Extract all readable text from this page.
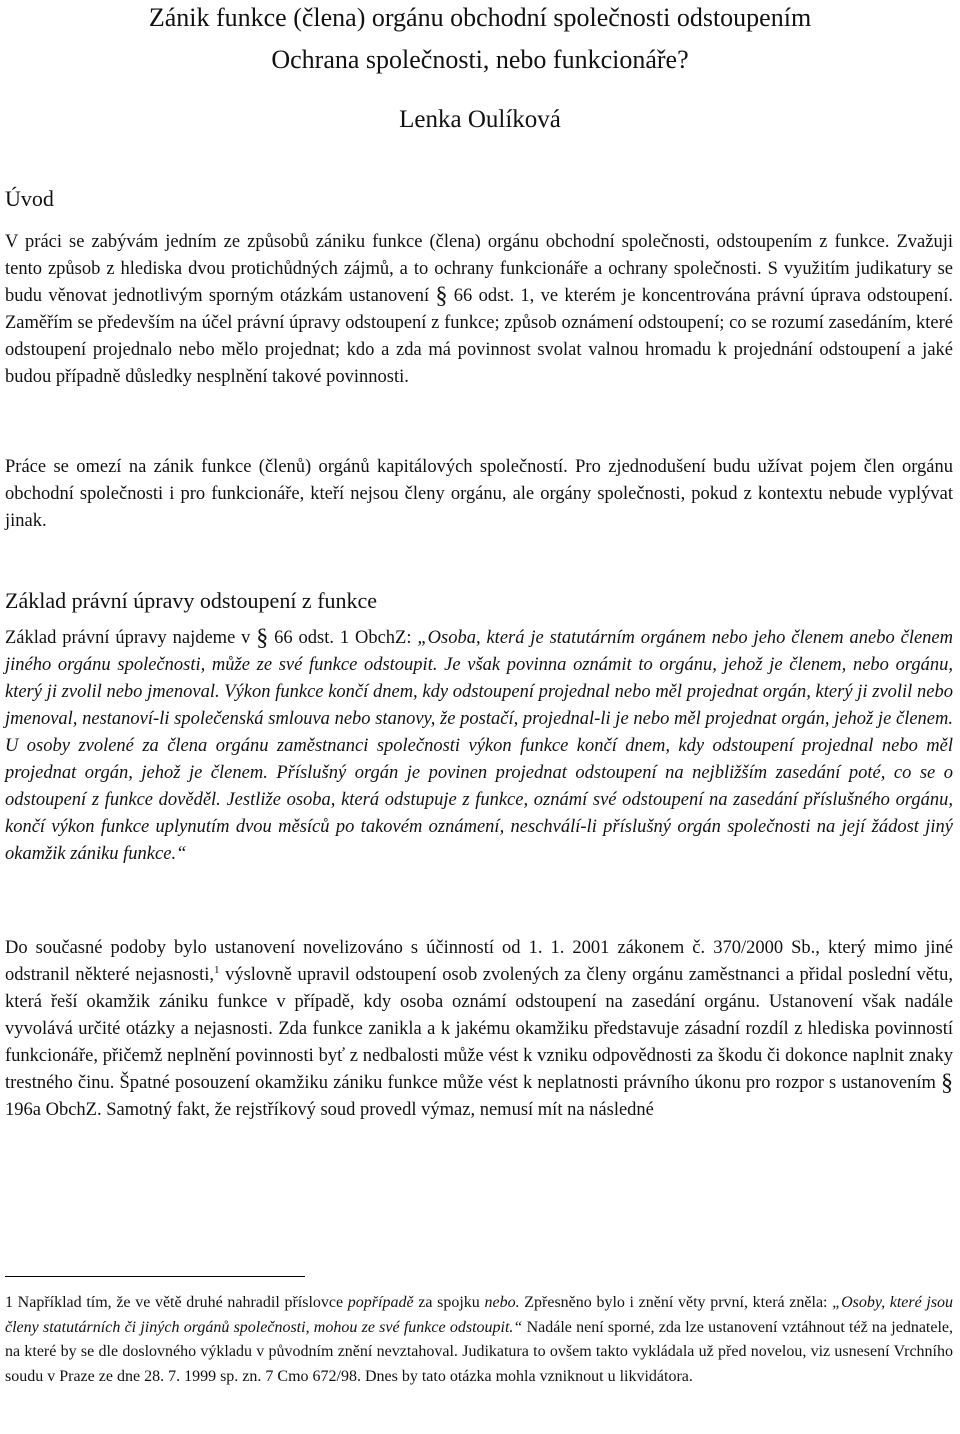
Zánik funkce (člena) orgánu obchodní společnosti odstoupením
Ochrana společnosti, nebo funkcionáře?
Lenka Oulíková
Úvod

V práci se zabývám jedním ze způsobů zániku funkce (člena) orgánu obchodní společnosti, odstoupením z funkce. Zvažuji tento způsob z hlediska dvou protichůdných zájmů, a to ochrany funkcionáře a ochrany společnosti. S využitím judikatury se budu věnovat jednotlivým sporným otázkám ustanovení § 66 odst. 1, ve kterém je koncentrována právní úprava odstoupení. Zaměřím se především na účel právní úpravy odstoupení z funkce; způsob oznámení odstoupení; co se rozumí zasedáním, které odstoupení projednalo nebo mělo projednat; kdo a zda má povinnost svolat valnou hromadu k projednání odstoupení a jaké budou případně důsledky nesplnění takové povinnosti.

Práce se omezí na zánik funkce (členů) orgánů kapitálových společností. Pro zjednodušení budu užívat pojem člen orgánu obchodní společnosti i pro funkcionáře, kteří nejsou členy orgánu, ale orgány společnosti, pokud z kontextu nebude vyplývat jinak.

Základ právní úpravy odstoupení z funkce

Základ právní úpravy najdeme v § 66 odst. 1 ObchZ: „Osoba, která je statutárním orgánem nebo jeho členem anebo členem jiného orgánu společnosti, může ze své funkce odstoupit. Je však povinna oznámit to orgánu, jehož je členem, nebo orgánu, který ji zvolil nebo jmenoval. Výkon funkce končí dnem, kdy odstoupení projednal nebo měl projednat orgán, který ji zvolil nebo jmenoval, nestanoví-li společenská smlouva nebo stanovy, že postačí, projednal-li je nebo měl projednat orgán, jehož je členem. U osoby zvolené za člena orgánu zaměstnanci společnosti výkon funkce končí dnem, kdy odstoupení projednal nebo měl projednat orgán, jehož je členem. Příslušný orgán je povinen projednat odstoupení na nejbližším zasedání poté, co se o odstoupení z funkce dověděl. Jestliže osoba, která odstupuje z funkce, oznámí své odstoupení na zasedání příslušného orgánu, končí výkon funkce uplynutím dvou měsíců po takovém oznámení, neschválí-li příslušný orgán společnosti na její žádost jiný okamžik zániku funkce.“

Do současné podoby bylo ustanovení novelizováno s účinností od 1. 1. 2001 zákonem č. 370/2000 Sb., který mimo jiné odstranil některé nejasnosti,$^1$ výslovně upravil odstoupení osob zvolených za členy orgánu zaměstnanci a přidal poslední větu, která řeší okamžik zániku funkce v případě, kdy osoba oznámí odstoupení na zasedání orgánu. Ustanovení však nadále vyvolává určité otázky a nejasnosti. Zda funkce zanikla a k jakému okamžiku představuje zásadní rozdíl z hlediska povinností funkcionáře, přičemž neplnění povinnosti byť z nedbalosti může vést k vzniku odpovědnosti za škodu či dokonce naplnit znaky trestného činu. Špatné posouzení okamžiku zániku funkce může vést k neplatnosti právního úkonu pro rozpor s ustanovením § 196a ObchZ. Samotný fakt, že rejstříkový soud provedl výmaz, nemusí mít na následné

1 Například tím, že ve větě druhé nahradil příslovce popřípadě za spojku nebo. Zpřesněno bylo i znění věty první, která zněla: „Osoby, které jsou členy statutárních či jiných orgánů společnosti, mohou ze své funkce odstoupit.“ Nadále není sporné, zda lze ustanovení vztáhnout též na jednatele, na které by se dle doslovného výkladu v původním znění nevztahoval. Judikatura to ovšem takto vykládala už před novelou, viz usnesení Vrchního soudu v Praze ze dne 28. 7. 1999 sp. zn. 7 Cmo 672/98. Dnes by tato otázka mohla vzniknout u likvidátora.
